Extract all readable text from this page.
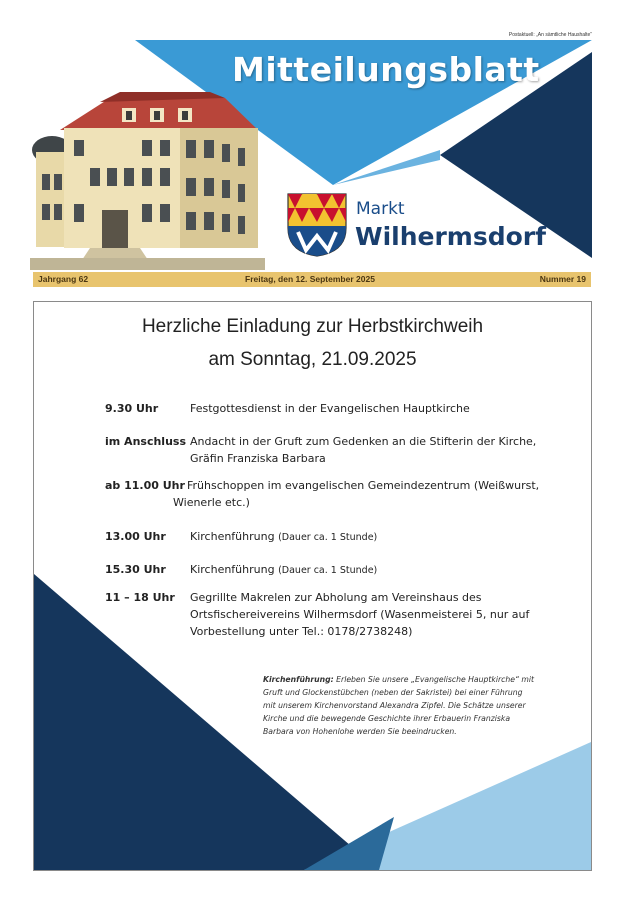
Postaktuell: „An sämtliche Haushalte“
Mitteilungsblatt
Markt
Wilhermsdorf
Jahrgang 62	Freitag, den 12. September 2025	Nummer 19
Herzliche Einladung zur Herbstkirchweih
am Sonntag, 21.09.2025
9.30 Uhr	Festgottesdienst in der Evangelischen Hauptkirche
im Anschluss Andacht in der Gruft zum Gedenken an die Stifterin der Kirche,
Gräfin Franziska Barbara
ab 11.00 Uhr Frühschoppen im evangelischen Gemeindezentrum (Weißwurst,
Wienerle etc.)
13.00 Uhr Kirchenführung (Dauer ca. 1 Stunde)
15.30 Uhr Kirchenführung (Dauer ca. 1 Stunde)
11 – 18 Uhr Gegrillte Makrelen zur Abholung am Vereinshaus des
Ortsfischereivereins Wilhermsdorf (Wasenmeisterei 5, nur auf
Vorbestellung unter Tel.: 0178/2738248)
Kirchenführung: Erleben Sie unsere „Evangelische Hauptkirche“ mit
Gruft und Glockenstübchen (neben der Sakristei) bei einer Führung
mit unserem Kirchenvorstand Alexandra Zipfel. Die Schätze unserer
Kirche und die bewegende Geschichte ihrer Erbauerin Franziska
Barbara von Hohenlohe werden Sie beeindrucken.
